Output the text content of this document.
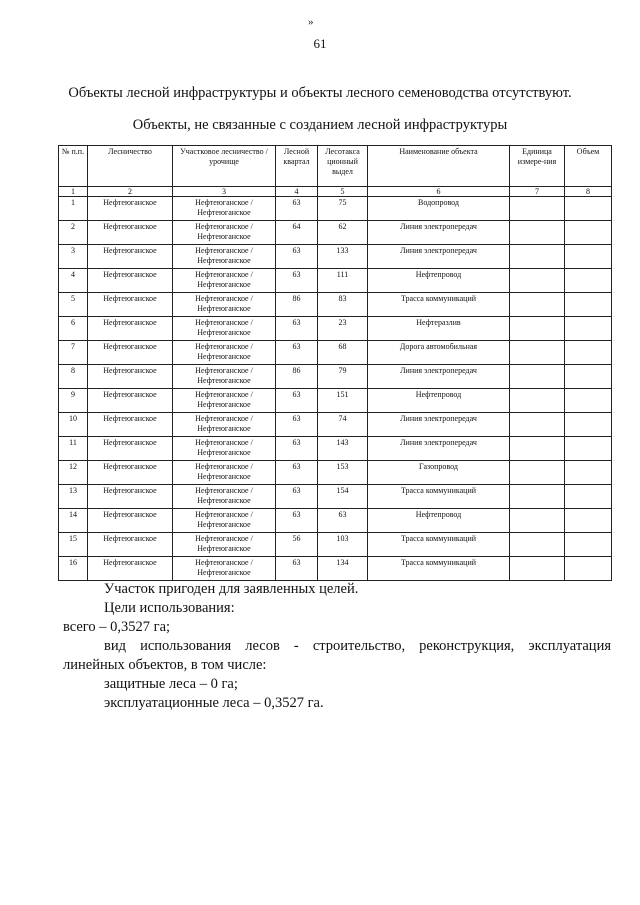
»
61
Объекты лесной инфраструктуры и объекты лесного семеноводства отсутствуют.
Объекты, не связанные с созданием лесной инфраструктуры
№ п.п.	Лесничество	Участковое лесничество / урочище	Лесной квартал	Лесотакса ционный выдел	Наименование объекта	Единица измере-ния	Объем
1	2	3	4	5	6	7	8
1	Нефтеюганское	Нефтеюганское / Нефтеюганское	63	75	Водопровод		
2	Нефтеюганское	Нефтеюганское / Нефтеюганское	64	62	Линия электропередач		
3	Нефтеюганское	Нефтеюганское / Нефтеюганское	63	133	Линия электропередач		
4	Нефтеюганское	Нефтеюганское / Нефтеюганское	63	111	Нефтепровод		
5	Нефтеюганское	Нефтеюганское / Нефтеюганское	86	83	Трасса коммуникаций		
6	Нефтеюганское	Нефтеюганское / Нефтеюганское	63	23	Нефтеразлив		
7	Нефтеюганское	Нефтеюганское / Нефтеюганское	63	68	Дорога автомобильная		
8	Нефтеюганское	Нефтеюганское / Нефтеюганское	86	79	Линия электропередач		
9	Нефтеюганское	Нефтеюганское / Нефтеюганское	63	151	Нефтепровод		
10	Нефтеюганское	Нефтеюганское / Нефтеюганское	63	74	Линия электропередач		
11	Нефтеюганское	Нефтеюганское / Нефтеюганское	63	143	Линия электропередач		
12	Нефтеюганское	Нефтеюганское / Нефтеюганское	63	153	Газопровод		
13	Нефтеюганское	Нефтеюганское / Нефтеюганское	63	154	Трасса коммуникаций		
14	Нефтеюганское	Нефтеюганское / Нефтеюганское	63	63	Нефтепровод		
15	Нефтеюганское	Нефтеюганское / Нефтеюганское	56	103	Трасса коммуникаций		
16	Нефтеюганское	Нефтеюганское / Нефтеюганское	63	134	Трасса коммуникаций		
Участок пригоден для заявленных целей.
Цели использования:
всего – 0,3527 га;
вид использования лесов - строительство, реконструкция, эксплуатация линейных объектов, в том числе:
защитные леса – 0 га;
эксплуатационные леса – 0,3527 га.
